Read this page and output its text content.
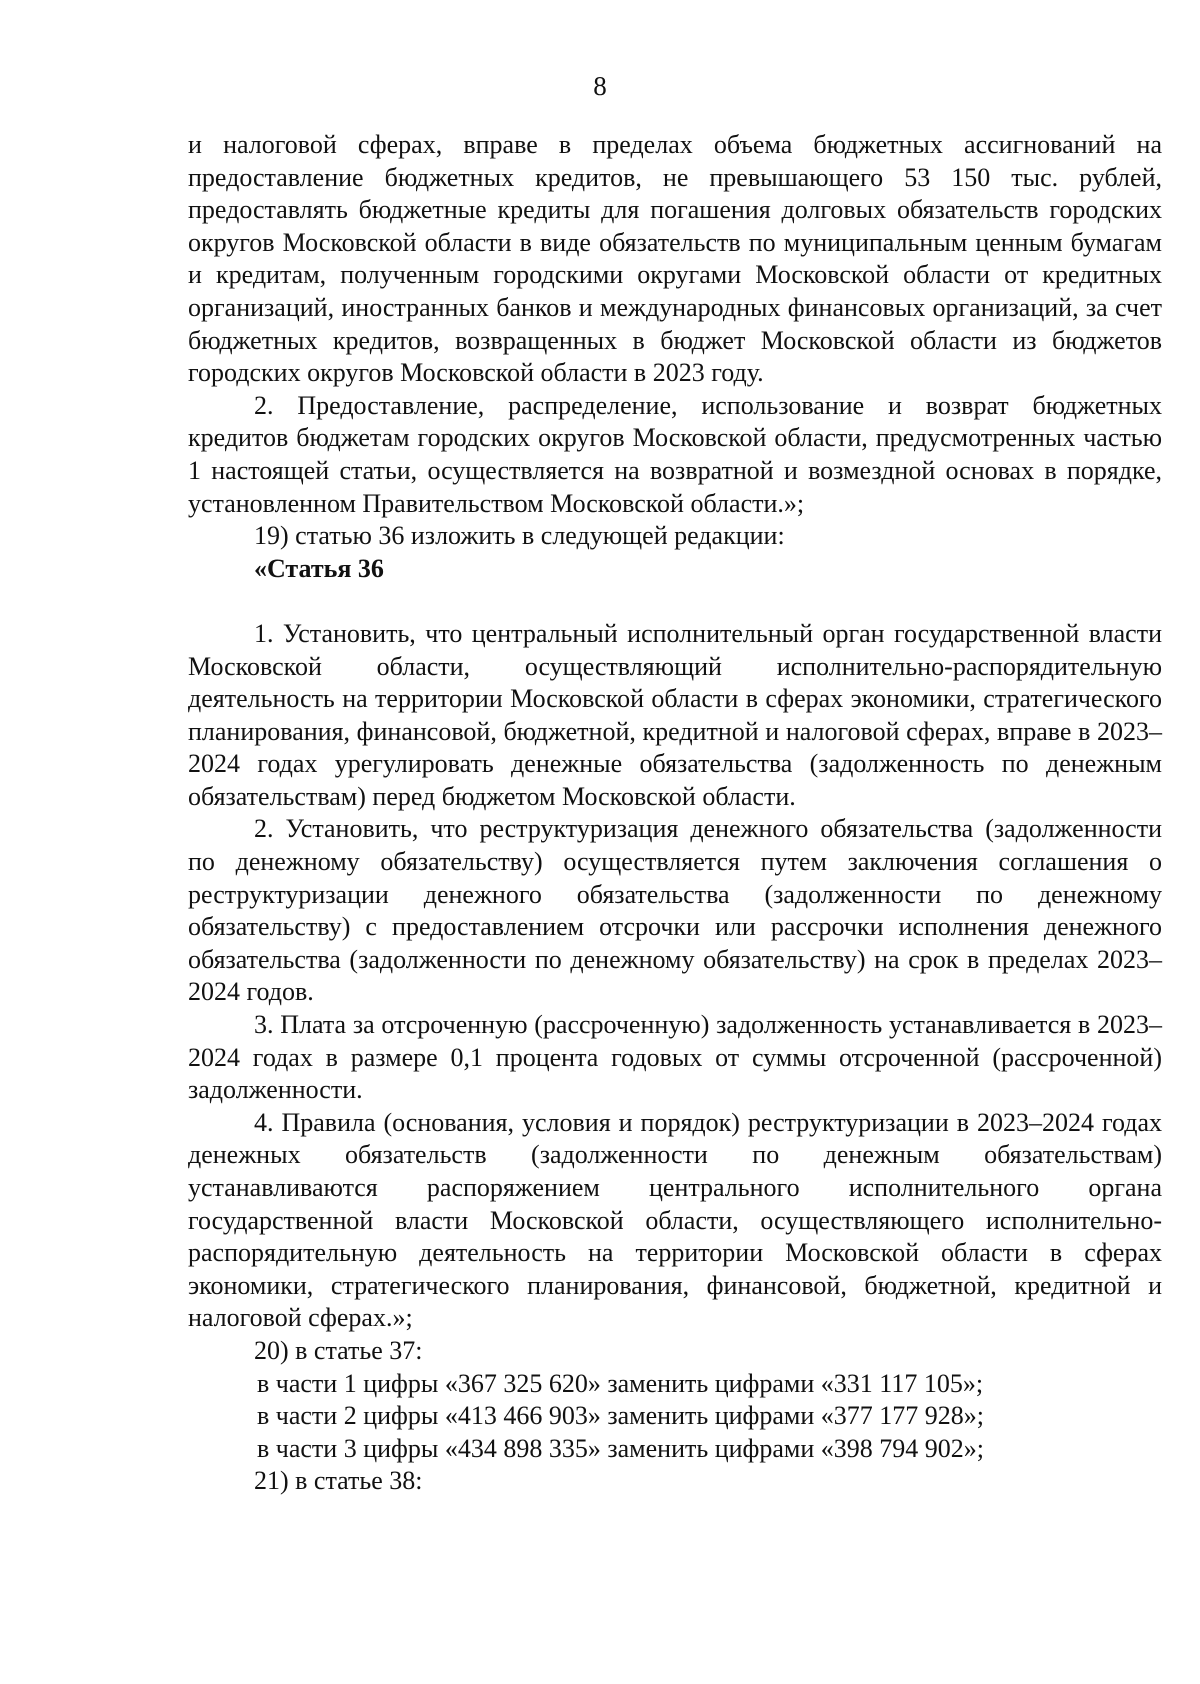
8

и налоговой сферах, вправе в пределах объема бюджетных ассигнований на предоставление бюджетных кредитов, не превышающего 53 150 тыс. рублей, предоставлять бюджетные кредиты для погашения долговых обязательств городских округов Московской области в виде обязательств по муниципальным ценным бумагам и кредитам, полученным городскими округами Московской области от кредитных организаций, иностранных банков и международных финансовых организаций, за счет бюджетных кредитов, возвращенных в бюджет Московской области из бюджетов городских округов Московской области в 2023 году.

2. Предоставление, распределение, использование и возврат бюджетных кредитов бюджетам городских округов Московской области, предусмотренных частью 1 настоящей статьи, осуществляется на возвратной и возмездной основах в порядке, установленном Правительством Московской области.»;

19) статью 36 изложить в следующей редакции:

«Статья 36

1. Установить, что центральный исполнительный орган государственной власти Московской области, осуществляющий исполнительно-распорядительную деятельность на территории Московской области в сферах экономики, стратегического планирования, финансовой, бюджетной, кредитной и налоговой сферах, вправе в 2023–2024 годах урегулировать денежные обязательства (задолженность по денежным обязательствам) перед бюджетом Московской области.

2. Установить, что реструктуризация денежного обязательства (задолженности по денежному обязательству) осуществляется путем заключения соглашения о реструктуризации денежного обязательства (задолженности по денежному обязательству) с предоставлением отсрочки или рассрочки исполнения денежного обязательства (задолженности по денежному обязательству) на срок в пределах 2023–2024 годов.

3. Плата за отсроченную (рассроченную) задолженность устанавливается в 2023–2024 годах в размере 0,1 процента годовых от суммы отсроченной (рассроченной) задолженности.

4. Правила (основания, условия и порядок) реструктуризации в 2023–2024 годах денежных обязательств (задолженности по денежным обязательствам) устанавливаются распоряжением центрального исполнительного органа государственной власти Московской области, осуществляющего исполнительно-распорядительную деятельность на территории Московской области в сферах экономики, стратегического планирования, финансовой, бюджетной, кредитной и налоговой сферах.»;

20) в статье 37:

в части 1 цифры «367 325 620» заменить цифрами «331 117 105»;

в части 2 цифры «413 466 903» заменить цифрами «377 177 928»;

в части 3 цифры «434 898 335» заменить цифрами «398 794 902»;

21) в статье 38:
